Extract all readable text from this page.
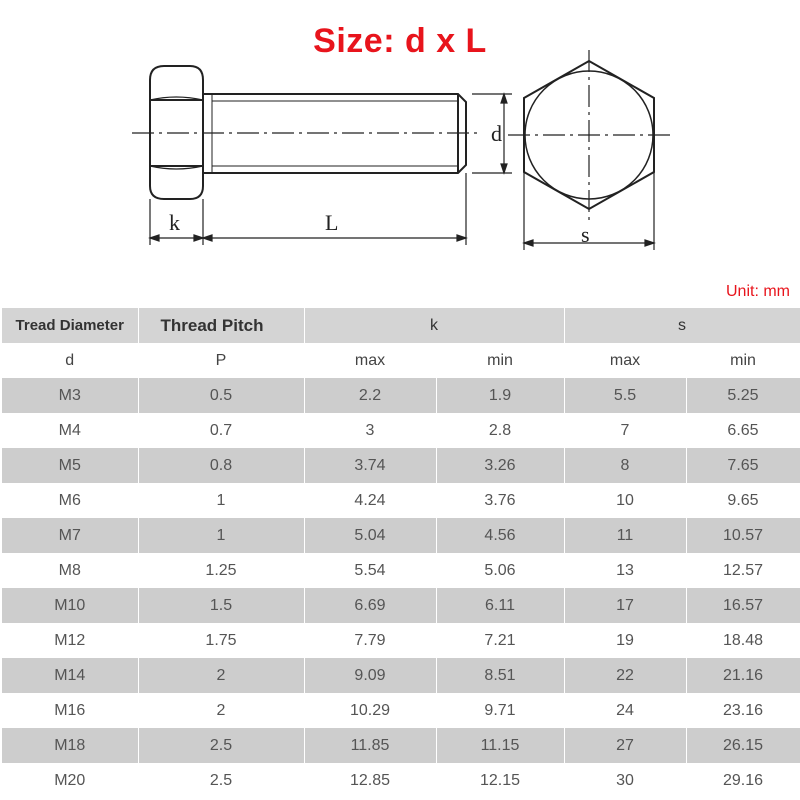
k	L
d
s
Size: d x L
Unit: mm
Tread Diameter	Thread Pitch	k		s	
d	P	max	min	max	min
M3	0.5	2.2	1.9	5.5	5.25
M4	0.7	3	2.8	7	6.65
M5	0.8	3.74	3.26	8	7.65
M6	1	4.24	3.76	10	9.65
M7	1	5.04	4.56	11	10.57
M8	1.25	5.54	5.06	13	12.57
M10	1.5	6.69	6.11	17	16.57
M12	1.75	7.79	7.21	19	18.48
M14	2	9.09	8.51	22	21.16
M16	2	10.29	9.71	24	23.16
M18	2.5	11.85	11.15	27	26.15
M20	2.5	12.85	12.15	30	29.16
